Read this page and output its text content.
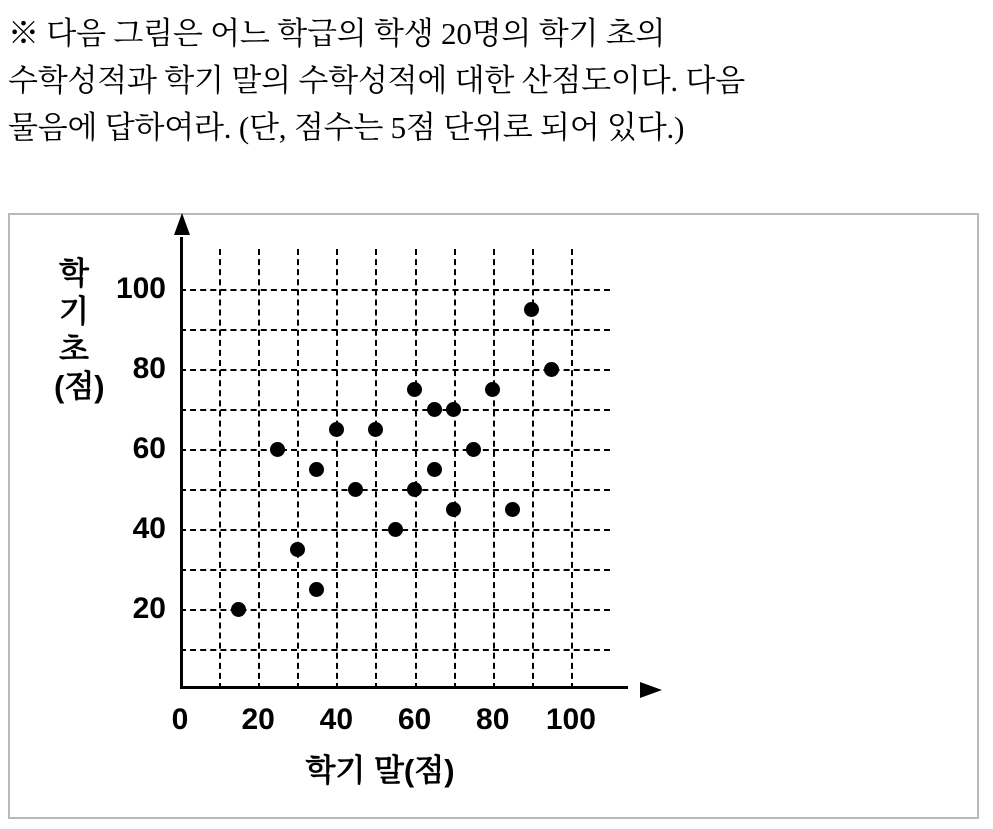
※ 다음 그림은 어느 학급의 학생 20명의 학기 초의
수학성적과 학기 말의 수학성적에 대한 산점도이다. 다음
물음에 답하여라. (단, 점수는 5점 단위로 되어 있다.)
학기 초 (점)
학기 말(점)
20
40
60
80
100
0 20 40 60 80 100
